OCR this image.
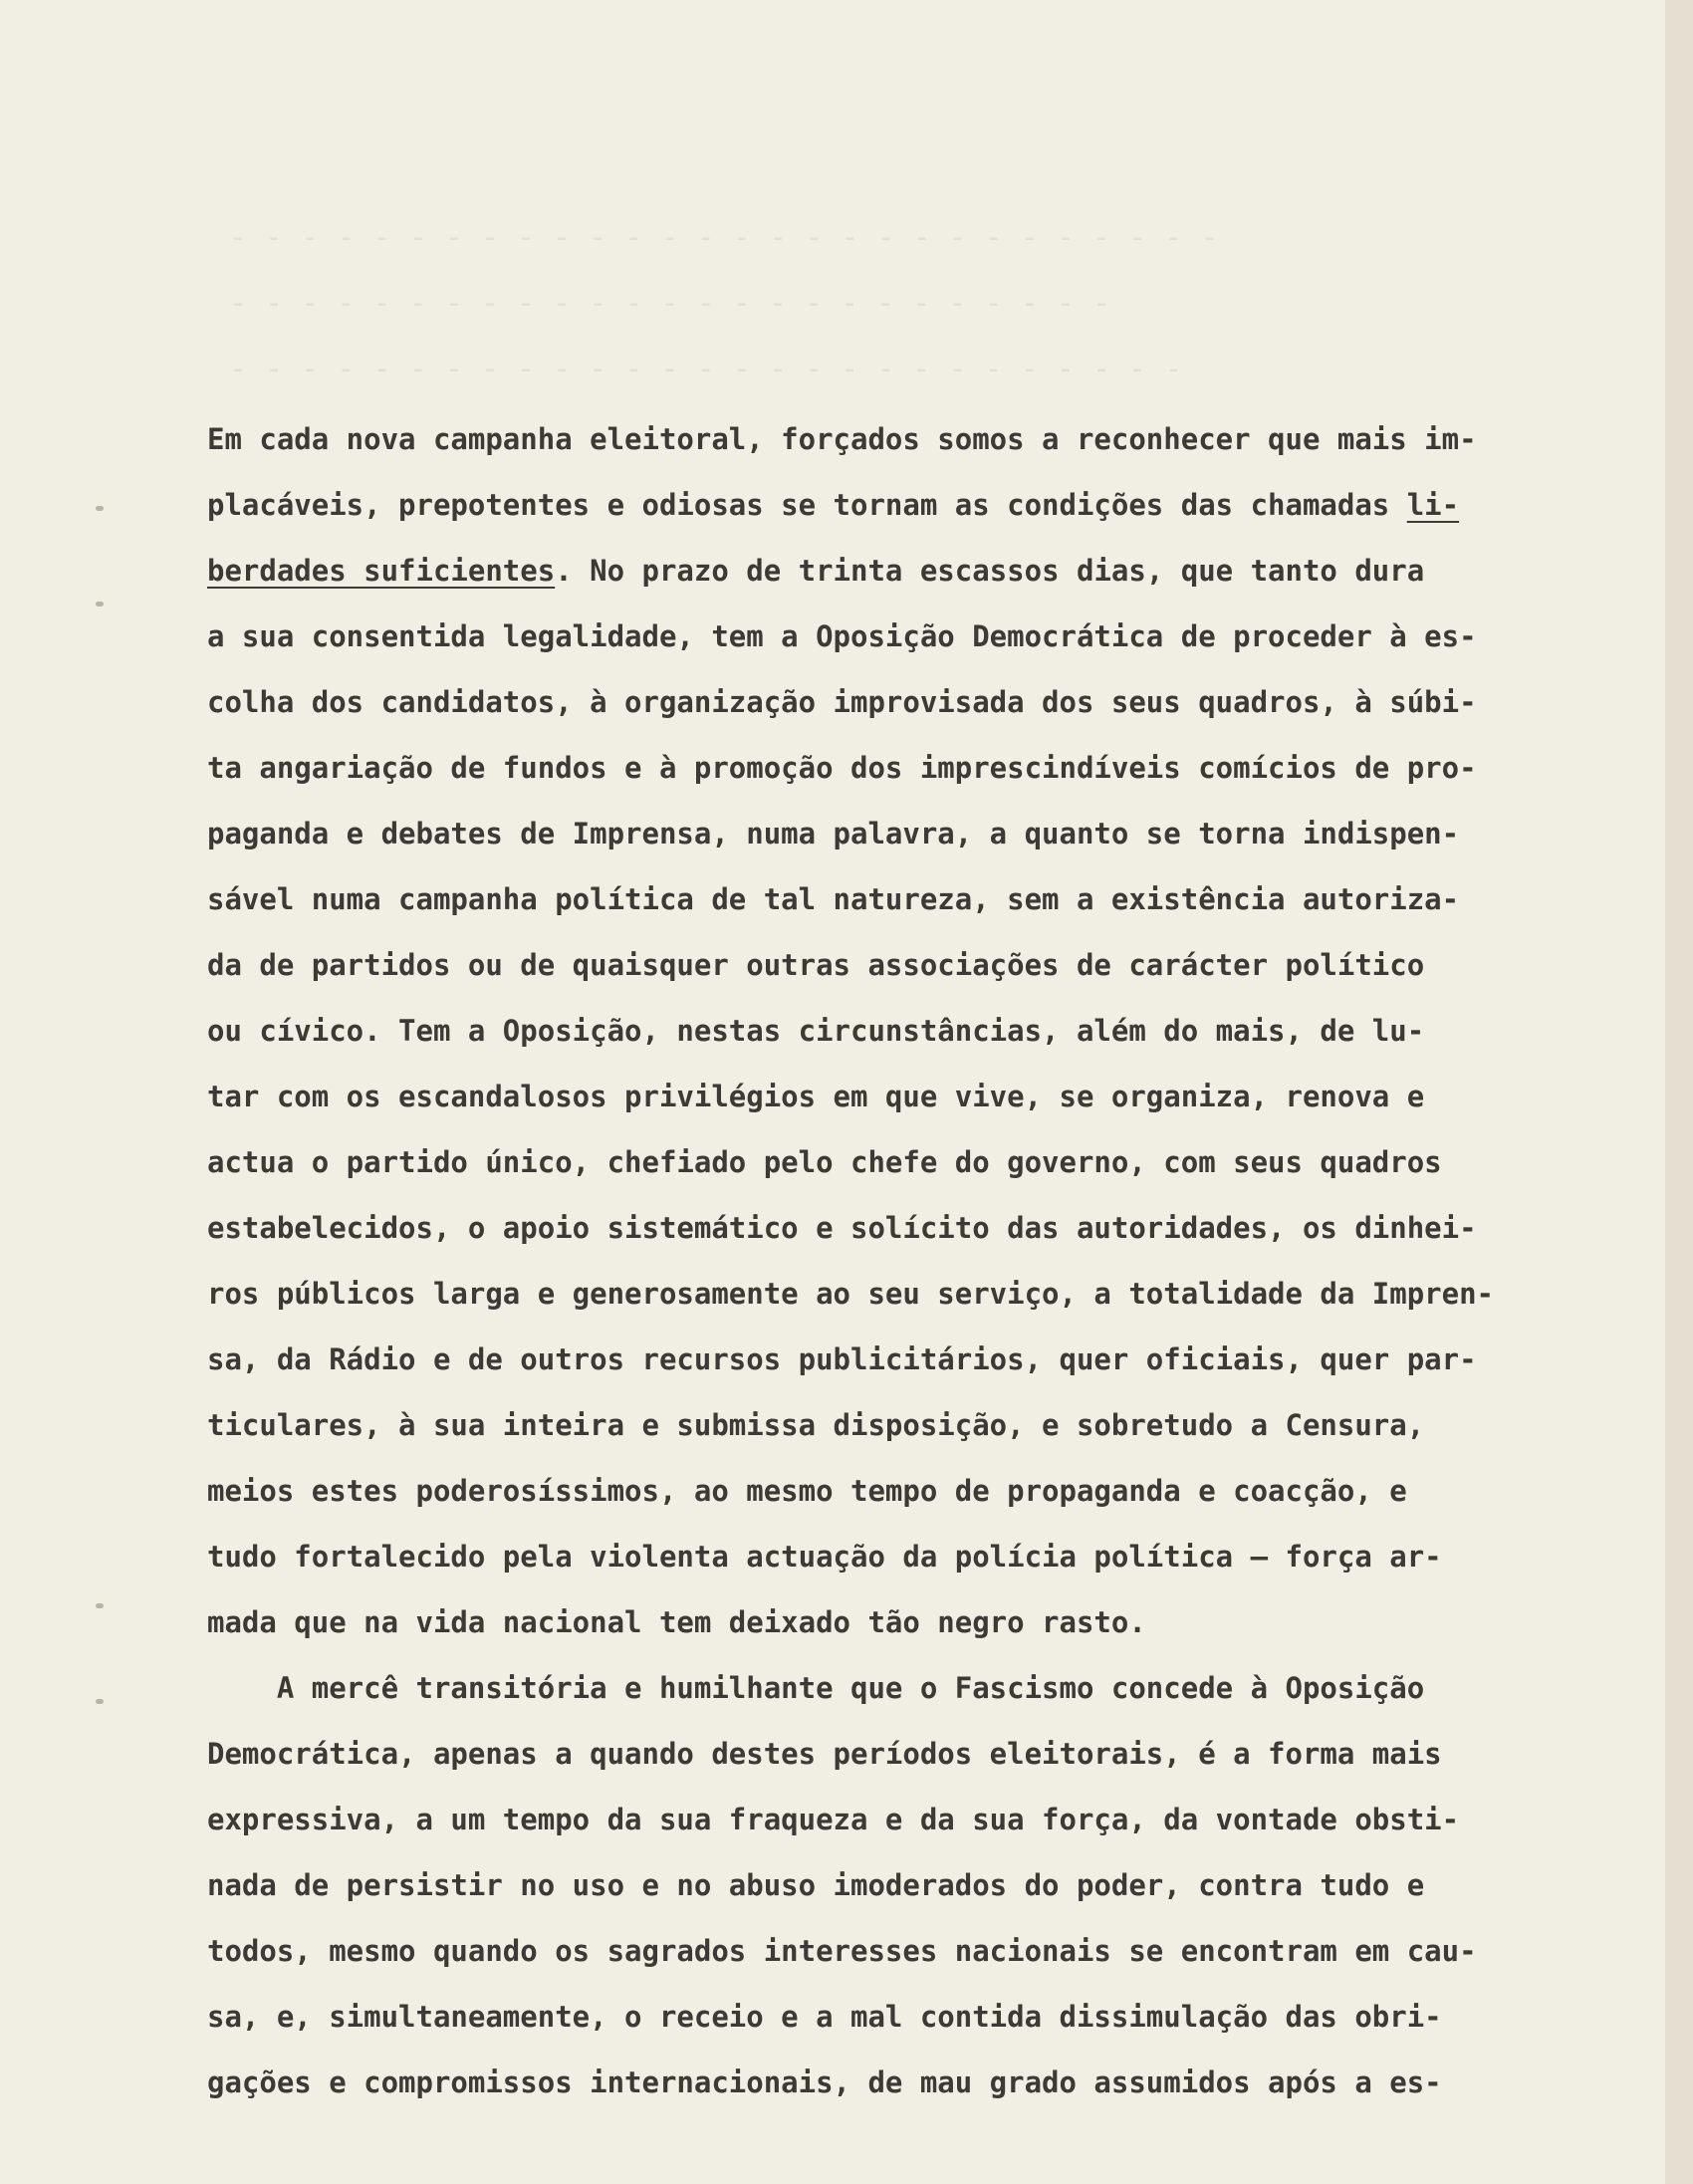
- - - - - - - - - - - - - - - - - - - - - - - - - - - -
- - - - - - - - - - - - - - - - - - - - - - - - -
- - - - - - - - - - - - - - - - - - - - - - - - - - -

Em cada nova campanha eleitoral, forçados somos a reconhecer que mais im-
placáveis, prepotentes e odiosas se tornam as condições das chamadas li-
berdades suficientes. No prazo de trinta escassos dias, que tanto dura
a sua consentida legalidade, tem a Oposição Democrática de proceder à es-
colha dos candidatos, à organização improvisada dos seus quadros, à súbi-
ta angariação de fundos e à promoção dos imprescindíveis comícios de pro-
paganda e debates de Imprensa, numa palavra, a quanto se torna indispen-
sável numa campanha política de tal natureza, sem a existência autoriza-
da de partidos ou de quaisquer outras associações de carácter político
ou cívico. Tem a Oposição, nestas circunstâncias, além do mais, de lu-
tar com os escandalosos privilégios em que vive, se organiza, renova e
actua o partido único, chefiado pelo chefe do governo, com seus quadros
estabelecidos, o apoio sistemático e solícito das autoridades, os dinhei-
ros públicos larga e generosamente ao seu serviço, a totalidade da Impren-
sa, da Rádio e de outros recursos publicitários, quer oficiais, quer par-
ticulares, à sua inteira e submissa disposição, e sobretudo a Censura,
meios estes poderosíssimos, ao mesmo tempo de propaganda e coacção, e
tudo fortalecido pela violenta actuação da polícia política — força ar-
mada que na vida nacional tem deixado tão negro rasto.
A mercê transitória e humilhante que o Fascismo concede à Oposição
Democrática, apenas a quando destes períodos eleitorais, é a forma mais
expressiva, a um tempo da sua fraqueza e da sua força, da vontade obsti-
nada de persistir no uso e no abuso imoderados do poder, contra tudo e
todos, mesmo quando os sagrados interesses nacionais se encontram em cau-
sa, e, simultaneamente, o receio e a mal contida dissimulação das obri-
gações e compromissos internacionais, de mau grado assumidos após a es-
